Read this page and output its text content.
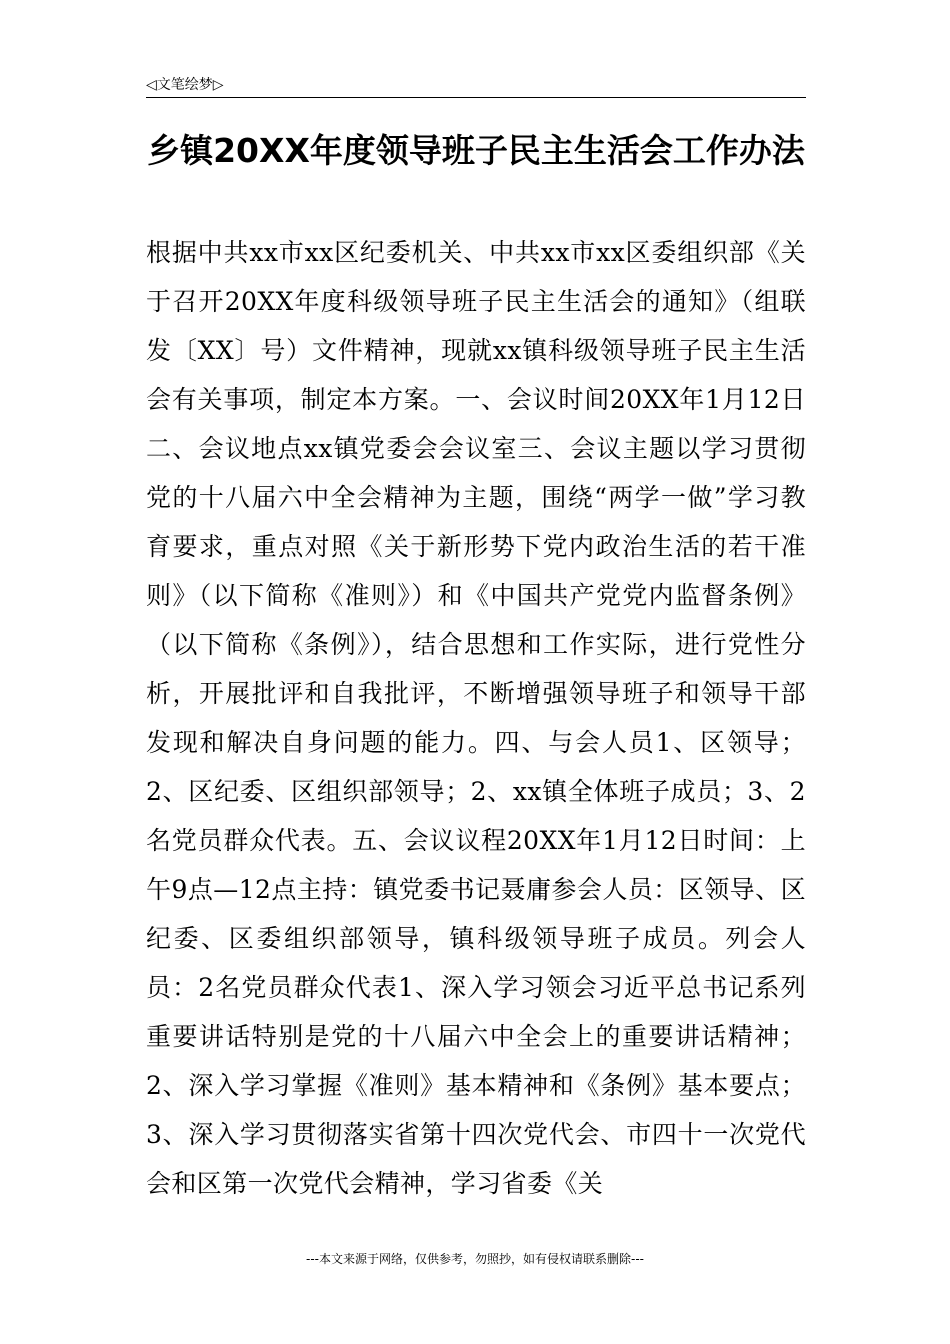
◁文笔绘梦▷
乡镇20XX年度领导班子民主生活会工作办法
根据中共xx市xx区纪委机关、中共xx市xx区委组织部《关于召开20XX年度科级领导班子民主生活会的通知》（组联发〔XX〕号）文件精神，现就xx镇科级领导班子民主生活会有关事项，制定本方案。一、会议时间20XX年1月12日二、会议地点xx镇党委会会议室三、会议主题以学习贯彻党的十八届六中全会精神为主题，围绕“两学一做”学习教育要求，重点对照《关于新形势下党内政治生活的若干准则》（以下简称《准则》）和《中国共产党党内监督条例》（以下简称《条例》），结合思想和工作实际，进行党性分析，开展批评和自我批评，不断增强领导班子和领导干部发现和解决自身问题的能力。四、与会人员1、区领导；2、区纪委、区组织部领导；2、xx镇全体班子成员；3、2名党员群众代表。五、会议议程20XX年1月12日时间：上午9点—12点主持：镇党委书记聂庸参会人员：区领导、区纪委、区委组织部领导，镇科级领导班子成员。列会人员：2名党员群众代表1、深入学习领会习近平总书记系列重要讲话特别是党的十八届六中全会上的重要讲话精神；2、深入学习掌握《准则》基本精神和《条例》基本要点；3、深入学习贯彻落实省第十四次党代会、市四十一次党代会和区第一次党代会精神，学习省委《关
---本文来源于网络，仅供参考，勿照抄，如有侵权请联系删除---
